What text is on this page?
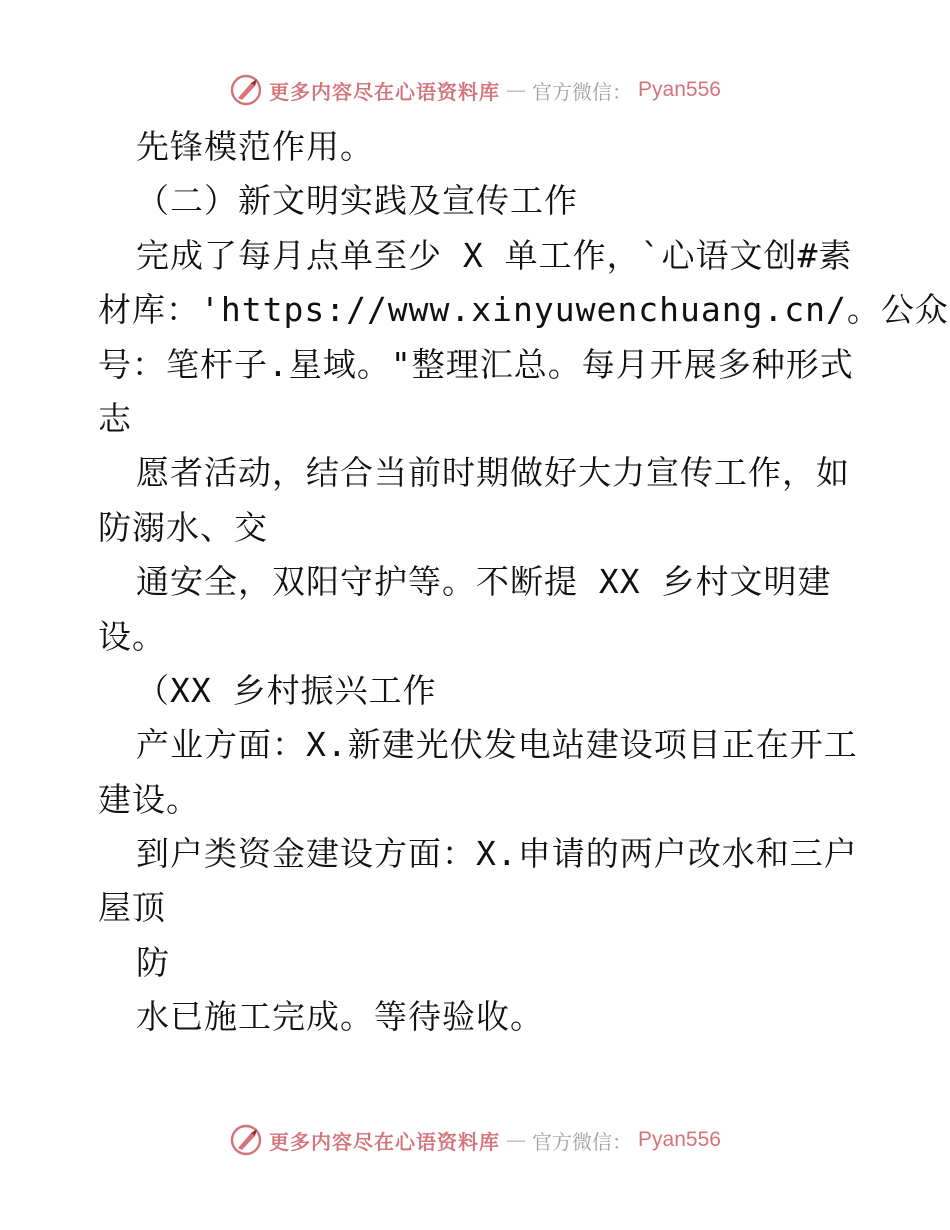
更多内容尽在心语资料库 — 官方微信： Pyan556
先锋模范作用。
（二）新文明实践及宣传工作
完成了每月点单至少 X 单工作，`心语文创#素
材库：'https://www.xinyuwenchuang.cn/。公众
号：笔杆子.星域。"整理汇总。每月开展多种形式
志
愿者活动，结合当前时期做好大力宣传工作，如
防溺水、交
通安全，双阳守护等。不断提 XX 乡村文明建
设。
（XX 乡村振兴工作
产业方面：X.新建光伏发电站建设项目正在开工
建设。
到户类资金建设方面：X.申请的两户改水和三户
屋顶
防
水已施工完成。等待验收。
更多内容尽在心语资料库 — 官方微信： Pyan556
